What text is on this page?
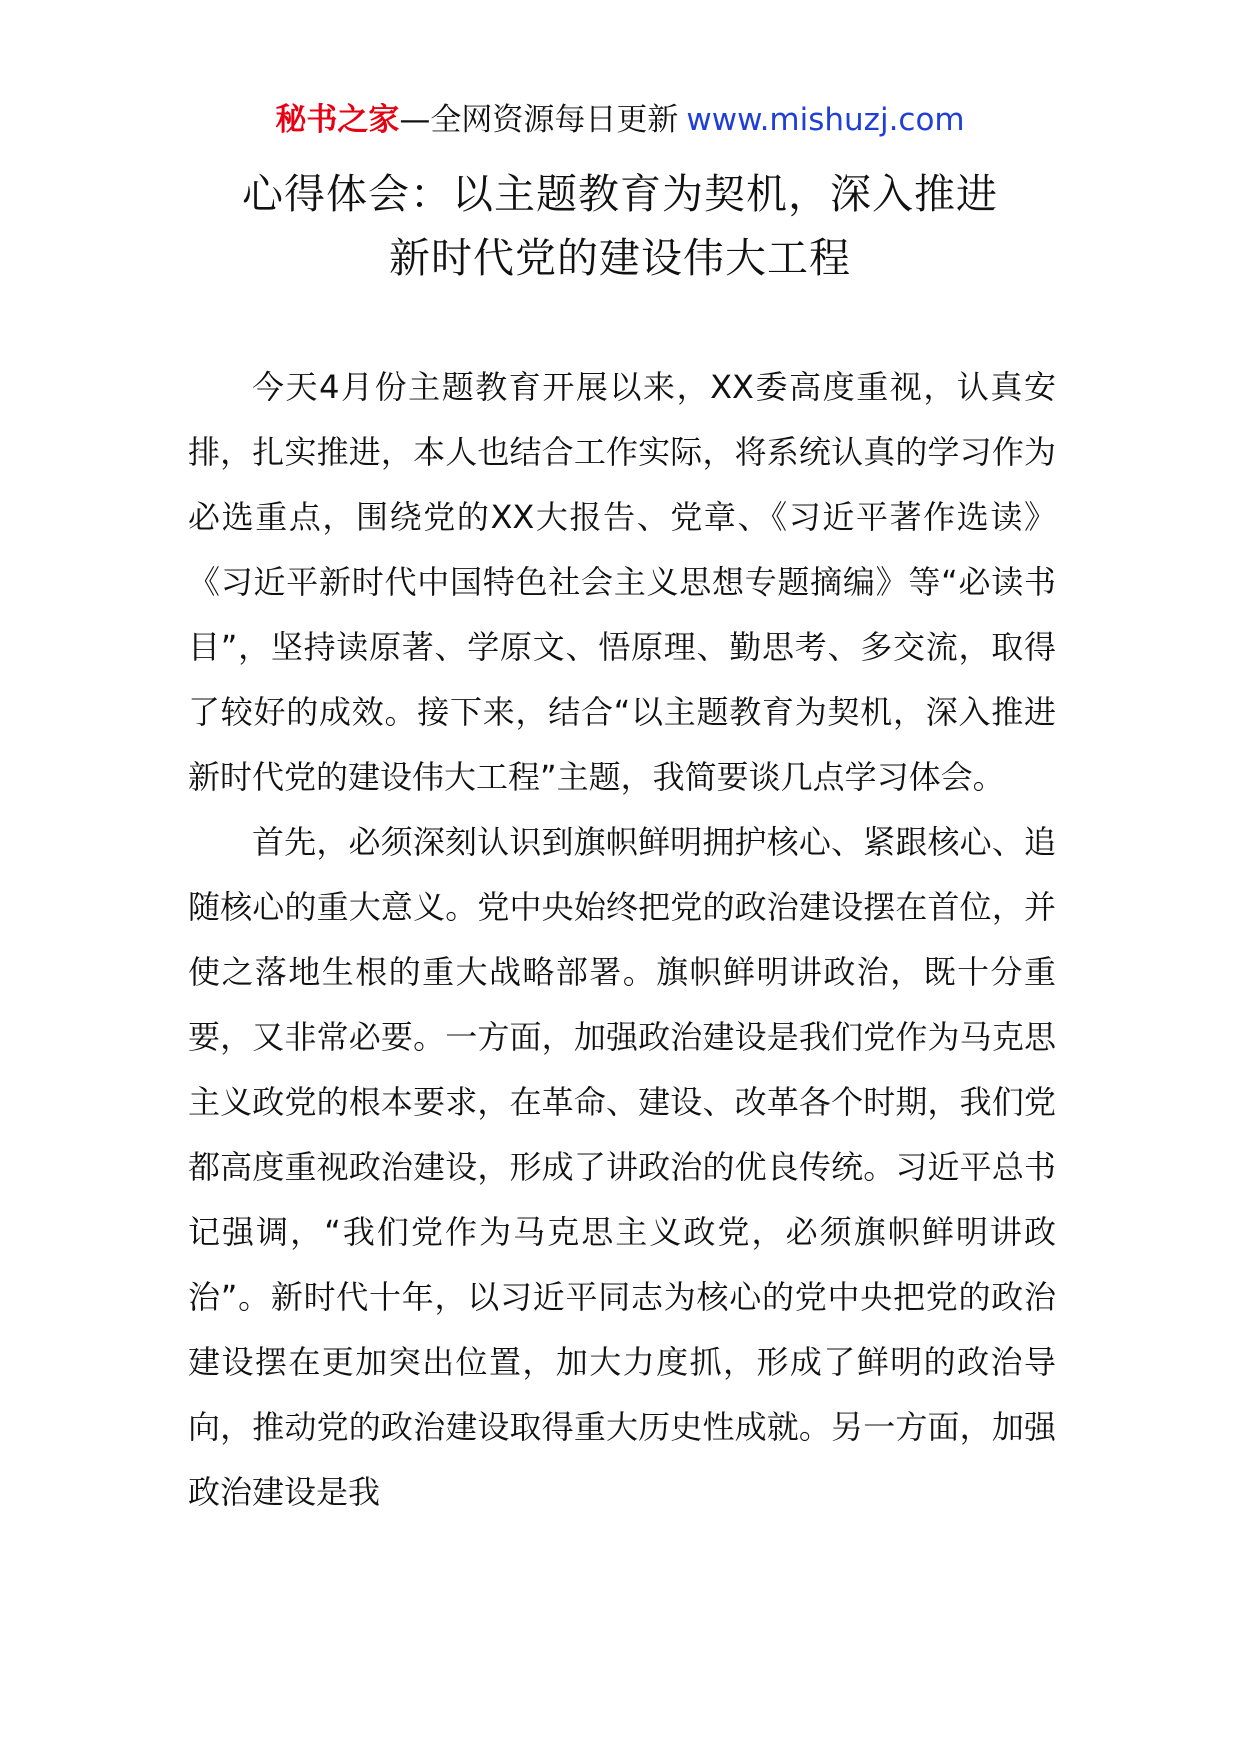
秘书之家—全网资源每日更新 www.mishuzj.com
心得体会：以主题教育为契机，深入推进
新时代党的建设伟大工程

今天4月份主题教育开展以来，XX委高度重视，认真安排，扎实推进，本人也结合工作实际，将系统认真的学习作为必选重点，围绕党的XX大报告、党章、《习近平著作选读》《习近平新时代中国特色社会主义思想专题摘编》等“必读书目”，坚持读原著、学原文、悟原理、勤思考、多交流，取得了较好的成效。接下来，结合“以主题教育为契机，深入推进新时代党的建设伟大工程”主题，我简要谈几点学习体会。

首先，必须深刻认识到旗帜鲜明拥护核心、紧跟核心、追随核心的重大意义。党中央始终把党的政治建设摆在首位，并使之落地生根的重大战略部署。旗帜鲜明讲政治，既十分重要，又非常必要。一方面，加强政治建设是我们党作为马克思主义政党的根本要求，在革命、建设、改革各个时期，我们党都高度重视政治建设，形成了讲政治的优良传统。习近平总书记强调，“我们党作为马克思主义政党，必须旗帜鲜明讲政治”。新时代十年，以习近平同志为核心的党中央把党的政治建设摆在更加突出位置，加大力度抓，形成了鲜明的政治导向，推动党的政治建设取得重大历史性成就。另一方面，加强政治建设是我
